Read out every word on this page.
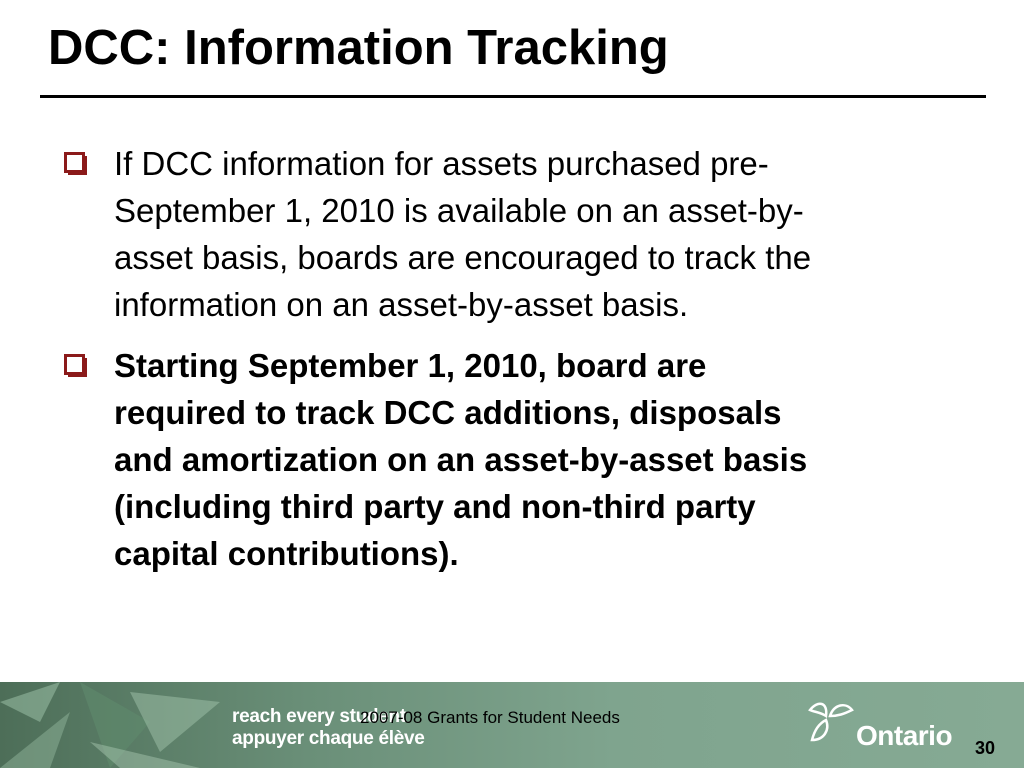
DCC: Information Tracking
If DCC information for assets purchased pre-
September 1, 2010 is available on an asset-by-
asset basis, boards are encouraged to track the
information on an asset-by-asset basis.
Starting September 1, 2010, board are
required to track DCC additions, disposals
and amortization on an asset-by-asset basis
(including third party and non-third party
capital contributions).
reach every student
appuyer chaque élève
2007-08 Grants for Student Needs
Ontario 30
